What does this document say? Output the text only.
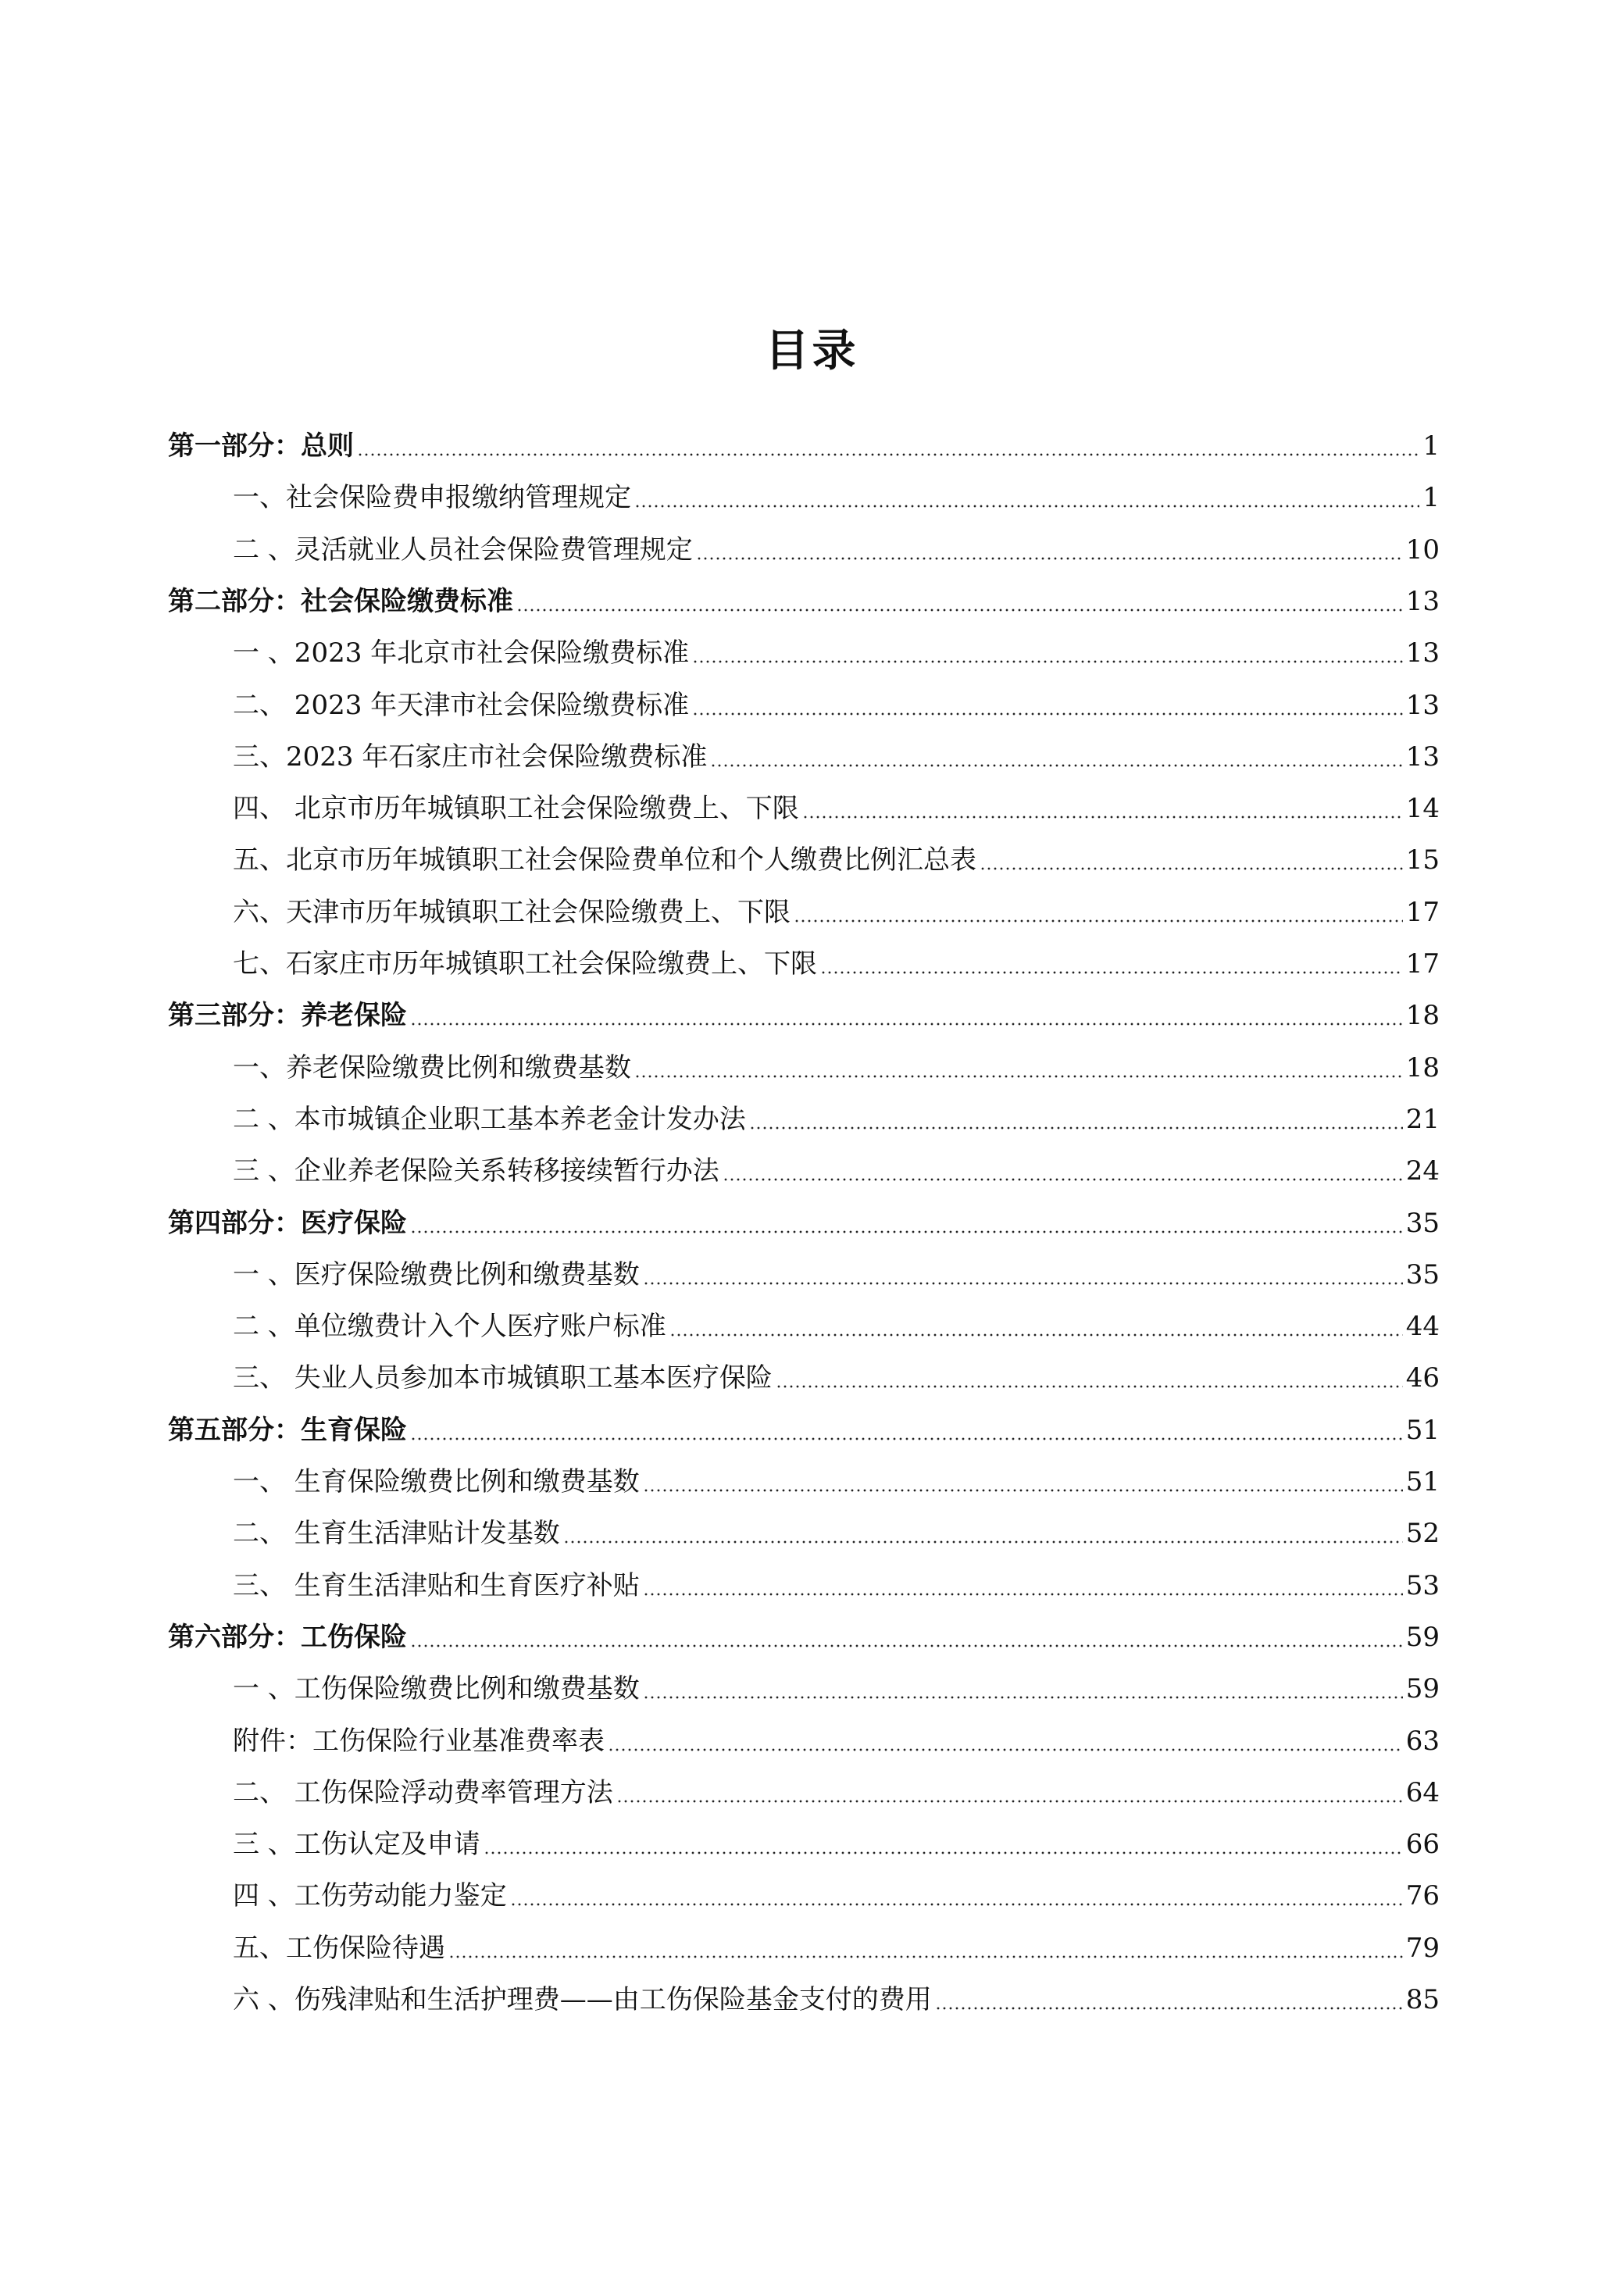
目录
第一部分：总则	1
一、社会保险费申报缴纳管理规定	1
二 、灵活就业人员社会保险费管理规定	10
第二部分：社会保险缴费标准	13
一 、2023 年北京市社会保险缴费标准	13
二、 2023 年天津市社会保险缴费标准	13
三、2023 年石家庄市社会保险缴费标准	13
四、 北京市历年城镇职工社会保险缴费上、下限	14
五、北京市历年城镇职工社会保险费单位和个人缴费比例汇总表	15
六、天津市历年城镇职工社会保险缴费上、下限	17
七、石家庄市历年城镇职工社会保险缴费上、下限	17
第三部分：养老保险	18
一、养老保险缴费比例和缴费基数	18
二 、本市城镇企业职工基本养老金计发办法	21
三 、企业养老保险关系转移接续暂行办法	24
第四部分：医疗保险	35
一 、医疗保险缴费比例和缴费基数	35
二 、单位缴费计入个人医疗账户标准	44
三、 失业人员参加本市城镇职工基本医疗保险	46
第五部分：生育保险	51
一、 生育保险缴费比例和缴费基数	51
二、 生育生活津贴计发基数	52
三、 生育生活津贴和生育医疗补贴	53
第六部分：工伤保险	59
一 、工伤保险缴费比例和缴费基数	59
附件：工伤保险行业基准费率表	63
二、 工伤保险浮动费率管理方法	64
三 、工伤认定及申请	66
四 、工伤劳动能力鉴定	76
五、工伤保险待遇	79
六 、伤残津贴和生活护理费——由工伤保险基金支付的费用	85
